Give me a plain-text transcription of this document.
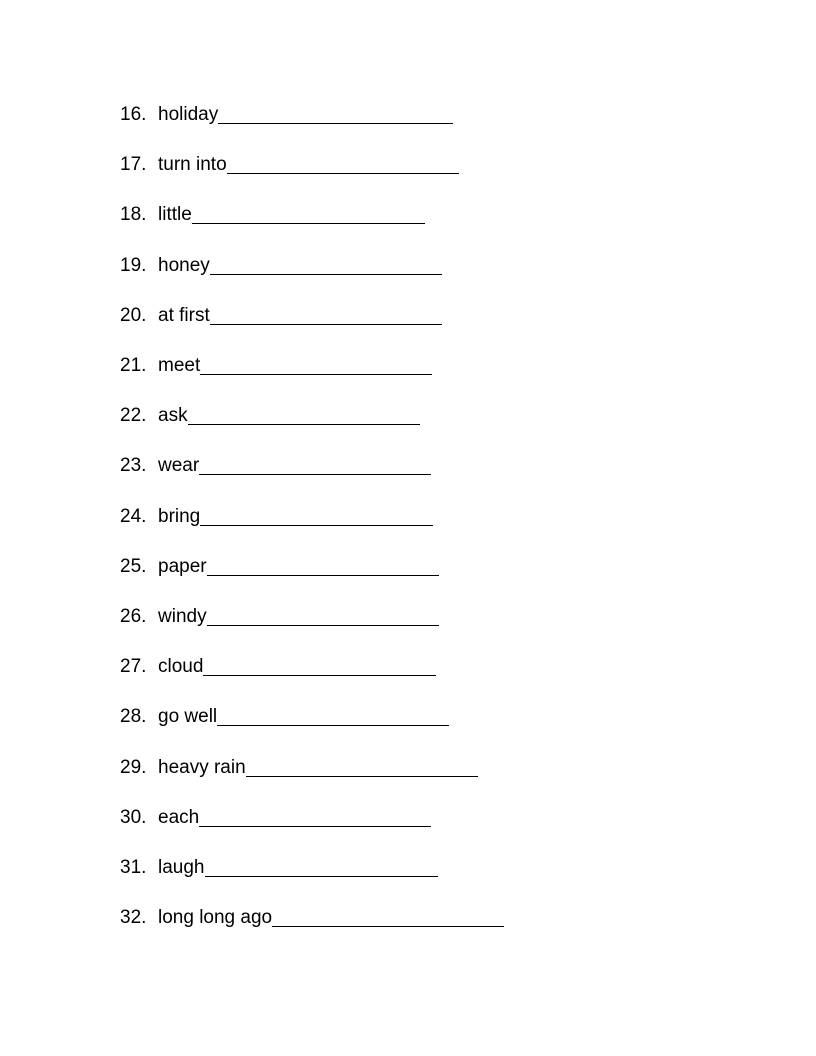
16. holiday
17. turn into
18. little
19. honey
20. at first
21. meet
22. ask
23. wear
24. bring
25. paper
26. windy
27. cloud
28. go well
29. heavy rain
30. each
31. laugh
32. long long ago
